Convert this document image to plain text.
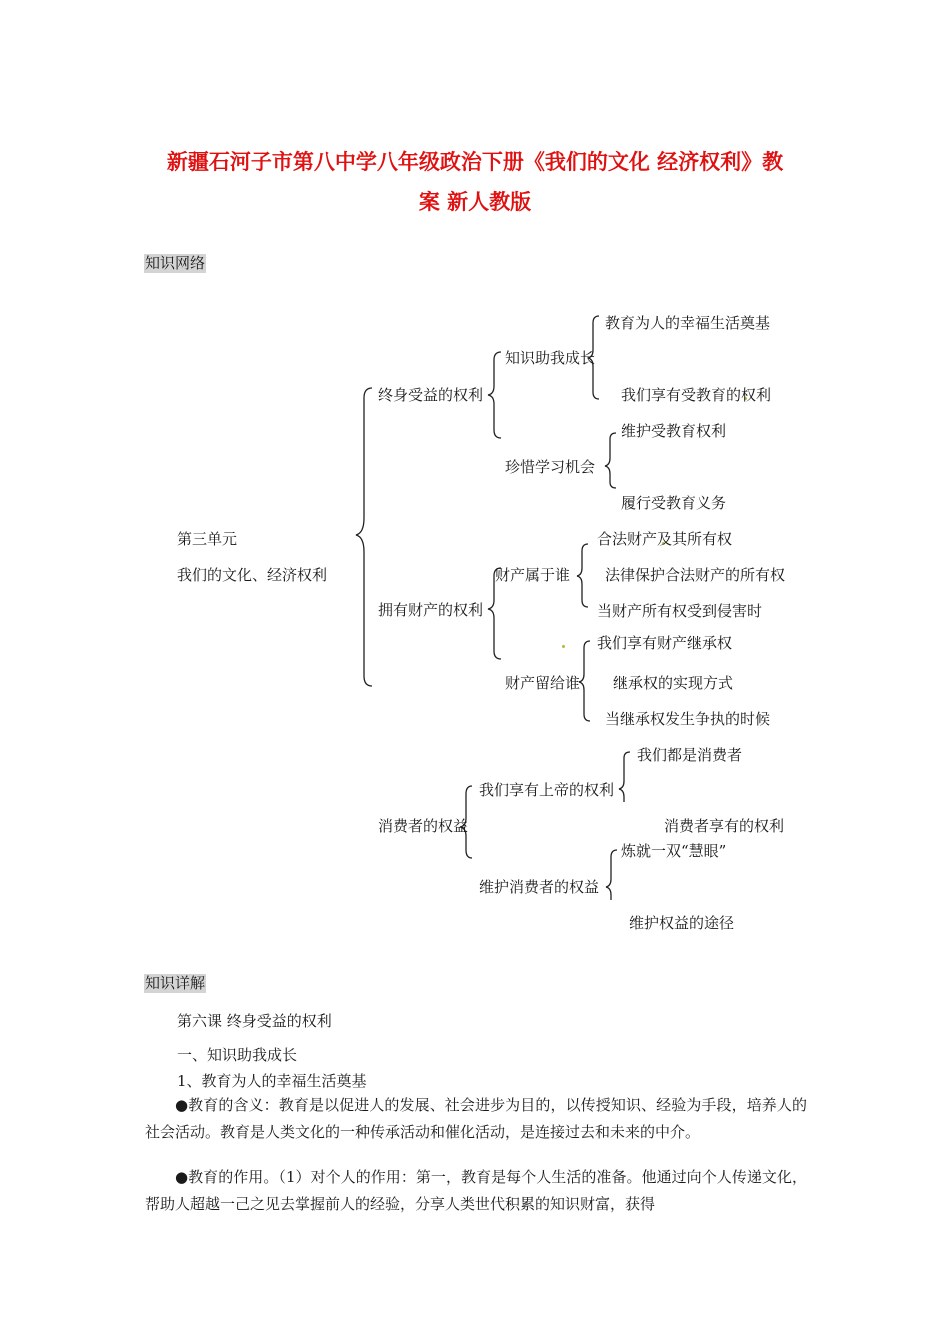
新疆石河子市第八中学八年级政治下册《我们的文化 经济权利》教
案 新人教版
知识网络
第三单元
我们的文化、经济权利
终身受益的权利
知识助我成长
教育为人的幸福生活奠基
我们享有受教育的权利
珍惜学习机会
维护受教育权利
履行受教育义务
拥有财产的权利
财产属于谁
合法财产及其所有权
法律保护合法财产的所有权
当财产所有权受到侵害时
财产留给谁
我们享有财产继承权
继承权的实现方式
当继承权发生争执的时候
消费者的权益
我们享有上帝的权利
我们都是消费者
消费者享有的权利
维护消费者的权益
炼就一双“慧眼”
维护权益的途径
知识详解
第六课 终身受益的权利
一、知识助我成长
1、教育为人的幸福生活奠基
●教育的含义：教育是以促进人的发展、社会进步为目的，以传授知识、经验为手段，培养人的社会活动。教育是人类文化的一种传承活动和催化活动，是连接过去和未来的中介。
●教育的作用。（1）对个人的作用：第一，教育是每个人生活的准备。他通过向个人传递文化，帮助人超越一己之见去掌握前人的经验，分享人类世代积累的知识财富，获得
